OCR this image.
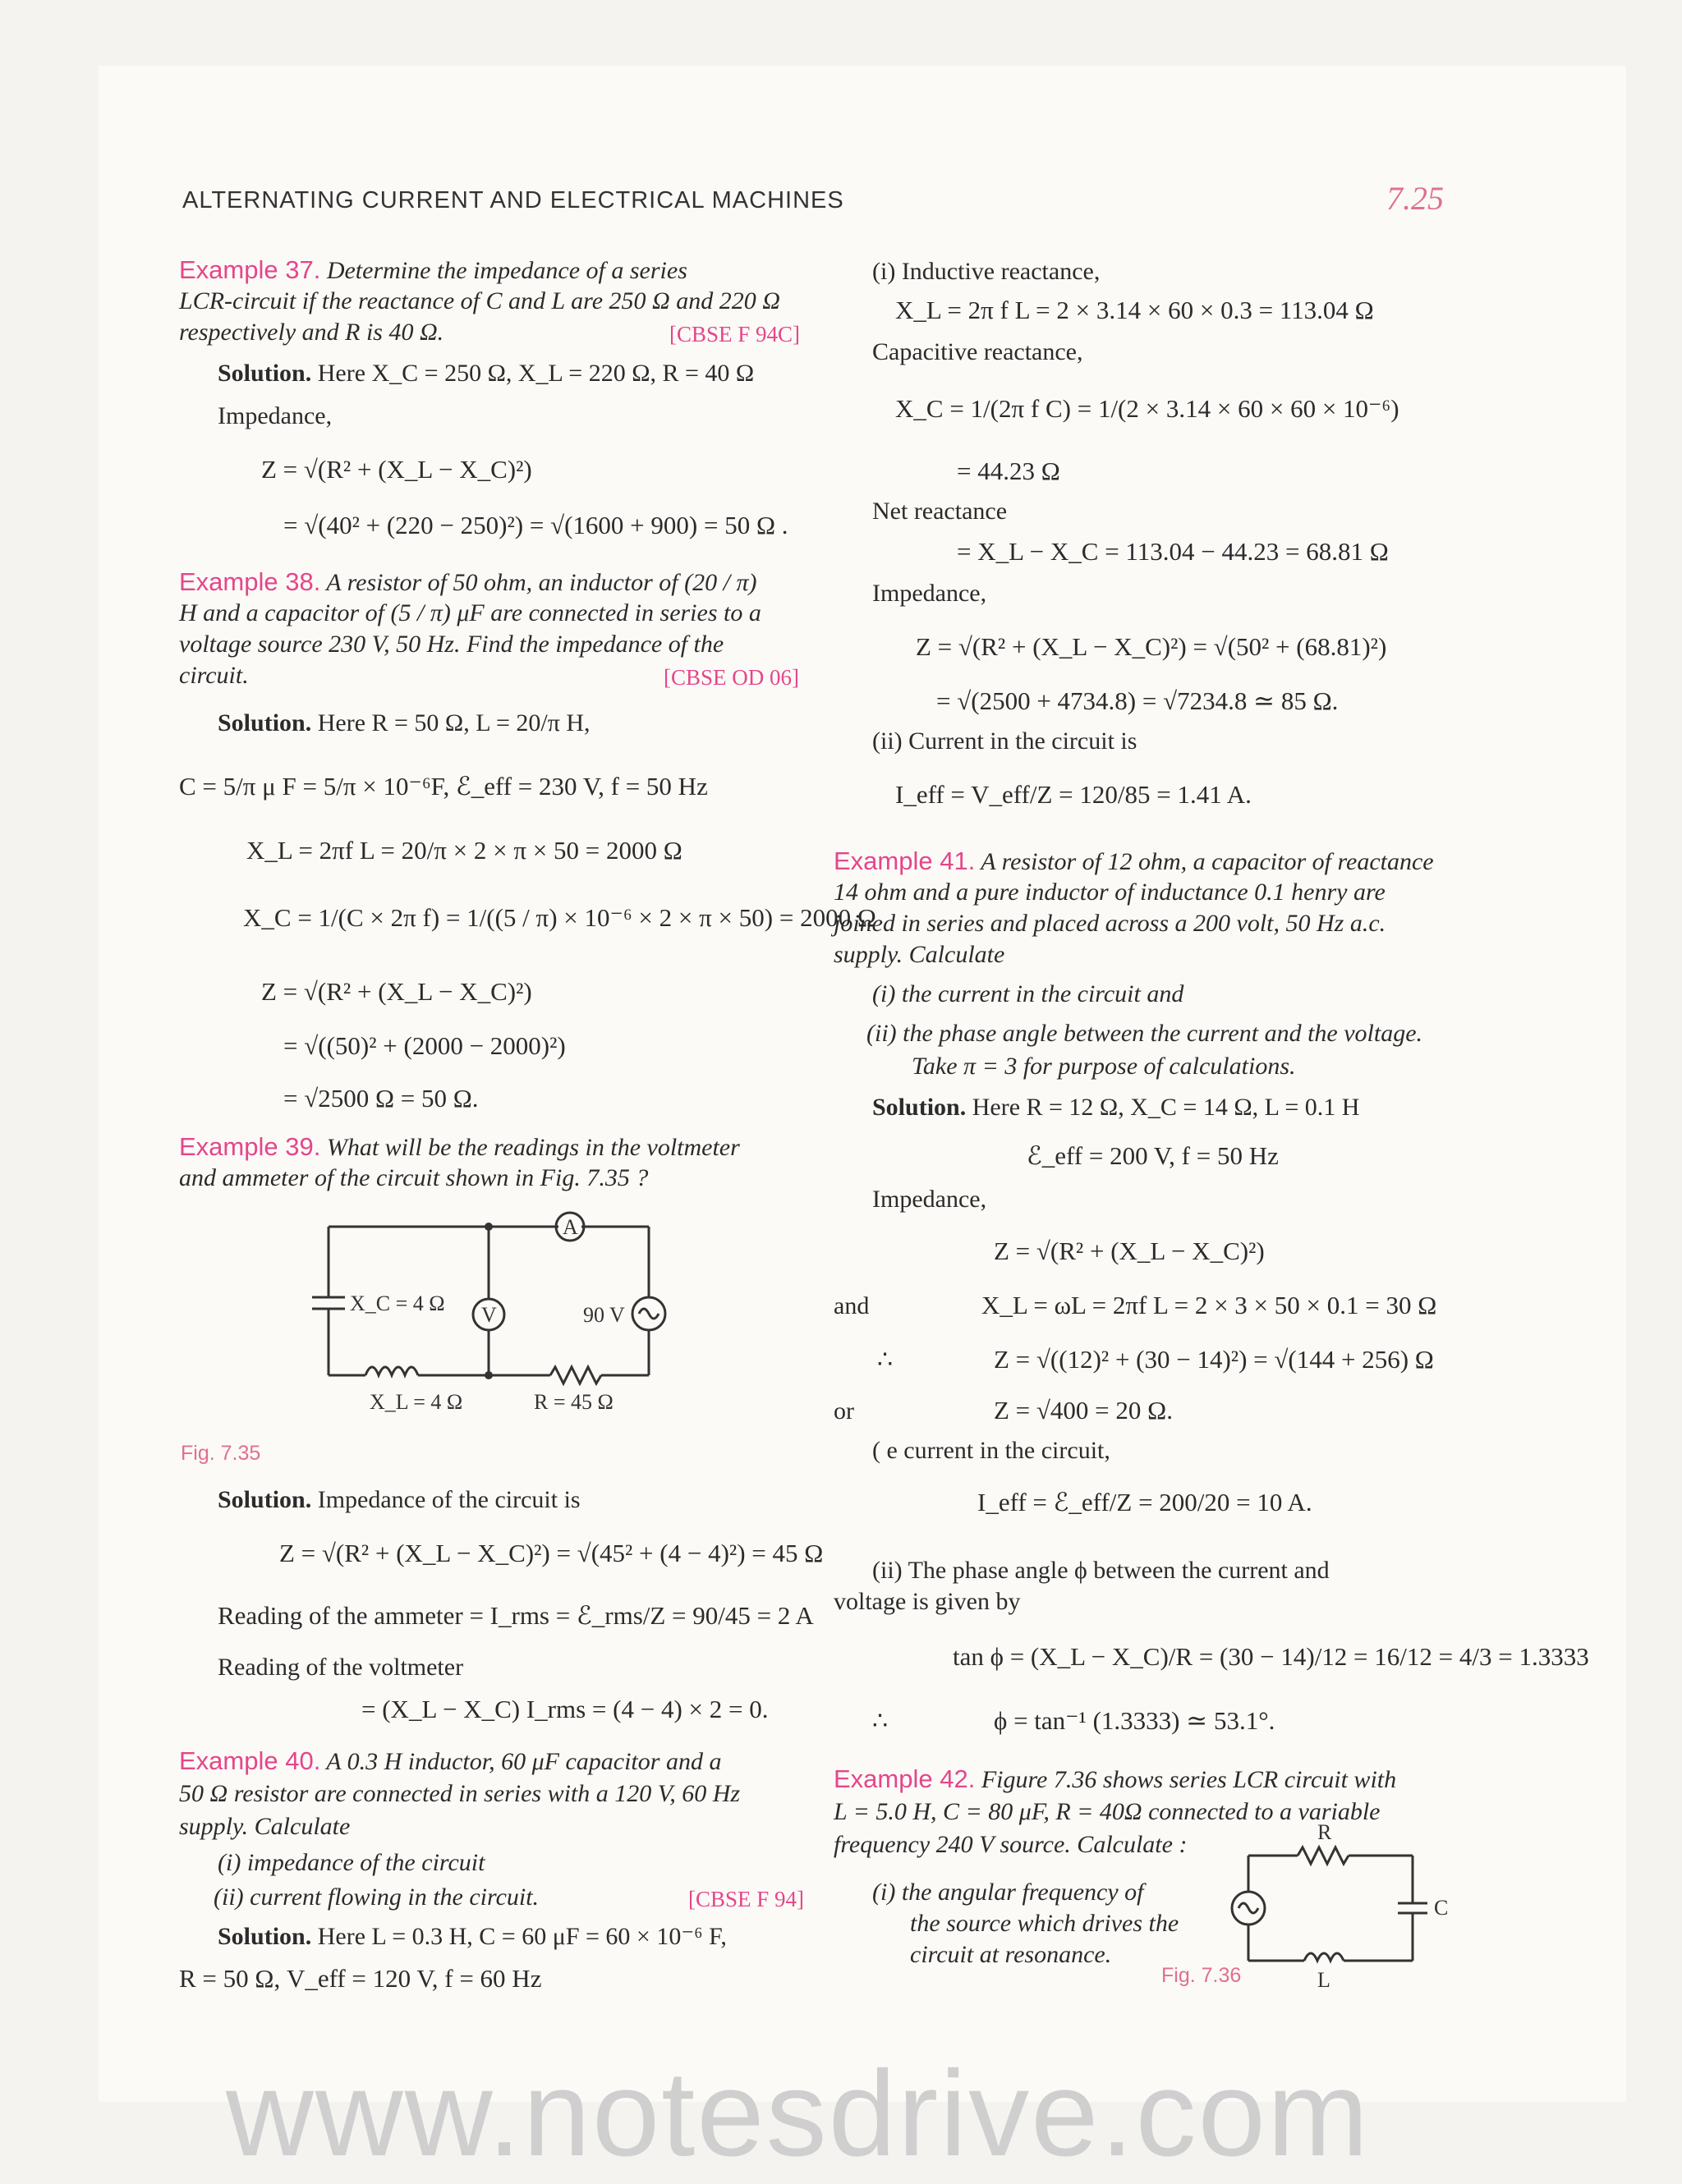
ALTERNATING CURRENT AND ELECTRICAL MACHINES	7.25
Example 37. Determine the impedance of a series
LCR-circuit if the reactance of C and L are 250 Ω and 220 Ω
respectively and R is 40 Ω.	[CBSE F 94C]
Solution. Here X_C = 250 Ω, X_L = 220 Ω, R = 40 Ω
Impedance,
Z = √(R² + (X_L − X_C)²)
= √(40² + (220 − 250)²) = √(1600 + 900) = 50 Ω .
Example 38. A resistor of 50 ohm, an inductor of (20 / π)
H and a capacitor of (5 / π) μF are connected in series to a
voltage source 230 V, 50 Hz. Find the impedance of the
circuit.	[CBSE OD 06]
Solution. Here R = 50 Ω, L = 20/π H,
C = 5/π μ F = 5/π × 10⁻⁶F, ℰ_eff = 230 V, f = 50 Hz
X_L = 2πf L = 20/π × 2 × π × 50 = 2000 Ω
X_C = 1/(C × 2π f) = 1/((5 / π) × 10⁻⁶ × 2 × π × 50) = 2000 Ω
Z = √(R² + (X_L − X_C)²)
= √((50)² + (2000 − 2000)²)
= √2500 Ω = 50 Ω.
Example 39. What will be the readings in the voltmeter
and ammeter of the circuit shown in Fig. 7.35 ?
X_C = 4 Ω V
A
90 V
X_L = 4 Ω	R = 45 Ω
Fig. 7.35
Solution. Impedance of the circuit is
Z = √(R² + (X_L − X_C)²) = √(45² + (4 − 4)²) = 45 Ω
Reading of the ammeter = I_rms = ℰ_rms/Z = 90/45 = 2 A
Reading of the voltmeter
= (X_L − X_C) I_rms = (4 − 4) × 2 = 0.
Example 40. A 0.3 H inductor, 60 μF capacitor and a
50 Ω resistor are connected in series with a 120 V, 60 Hz
supply. Calculate
(i) impedance of the circuit
(ii) current flowing in the circuit.	[CBSE F 94]
Solution. Here L = 0.3 H, C = 60 μF = 60 × 10⁻⁶ F,
R = 50 Ω, V_eff = 120 V, f = 60 Hz
(i) Inductive reactance,
X_L = 2π f L = 2 × 3.14 × 60 × 0.3 = 113.04 Ω
Capacitive reactance,
X_C = 1/(2π f C) = 1/(2 × 3.14 × 60 × 60 × 10⁻⁶)
= 44.23 Ω
Net reactance
= X_L − X_C = 113.04 − 44.23 = 68.81 Ω
Impedance,
Z = √(R² + (X_L − X_C)²) = √(50² + (68.81)²)
= √(2500 + 4734.8) = √7234.8 ≃ 85 Ω.
(ii) Current in the circuit is
I_eff = V_eff/Z = 120/85 = 1.41 A.
Example 41. A resistor of 12 ohm, a capacitor of reactance
14 ohm and a pure inductor of inductance 0.1 henry are
joined in series and placed across a 200 volt, 50 Hz a.c.
supply. Calculate
(i) the current in the circuit and
(ii) the phase angle between the current and the voltage.
Take π = 3 for purpose of calculations.
Solution. Here R = 12 Ω, X_C = 14 Ω, L = 0.1 H
ℰ_eff = 200 V, f = 50 Hz
Impedance,
Z = √(R² + (X_L − X_C)²)
and	X_L = ωL = 2πf L = 2 × 3 × 50 × 0.1 = 30 Ω
∴	Z = √((12)² + (30 − 14)²) = √(144 + 256) Ω
or	Z = √400 = 20 Ω.
( e current in the circuit,
I_eff = ℰ_eff/Z = 200/20 = 10 A.
(ii) The phase angle ϕ between the current and
voltage is given by
tan ϕ = (X_L − X_C)/R = (30 − 14)/12 = 16/12 = 4/3 = 1.3333
∴	ϕ = tan⁻¹ (1.3333) ≃ 53.1°.
Example 42. Figure 7.36 shows series LCR circuit with
L = 5.0 H, C = 80 μF, R = 40Ω connected to a variable
frequency 240 V source. Calculate :
(i) the angular frequency of
the source which drives the
circuit at resonance.
R
C
L
Fig. 7.36
www.notesdrive.com
